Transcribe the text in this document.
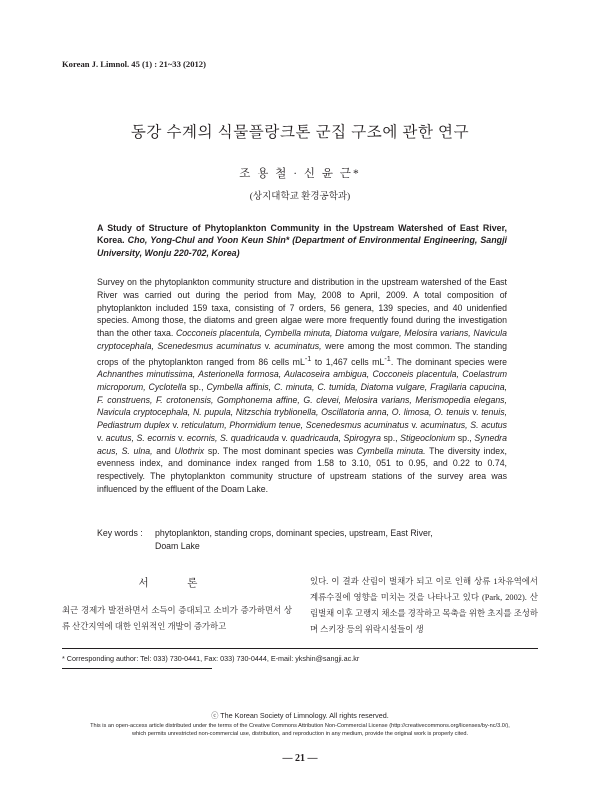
Korean J. Limnol. 45 (1) : 21~33 (2012)
동강 수계의 식물플랑크톤 군집 구조에 관한 연구
조 용 철 · 신 윤 근*
(상지대학교 환경공학과)
A Study of Structure of Phytoplankton Community in the Upstream Watershed of East River, Korea. Cho, Yong-Chul and Yoon Keun Shin* (Department of Environmental Engineering, Sangji University, Wonju 220-702, Korea)

Survey on the phytoplankton community structure and distribution in the upstream watershed of the East River was carried out during the period from May, 2008 to April, 2009. A total composition of phytoplankton included 159 taxa, consisting of 7 orders, 56 genera, 139 species, and 40 unidenfied species. Among those, the diatoms and green algae were more frequently found during the investigation than the other taxa. Cocconeis placentula, Cymbella minuta, Diatoma vulgare, Melosira varians, Navicula cryptocephala, Scenedesmus acuminatus v. acuminatus, were among the most common. The standing crops of the phytoplankton ranged from 86 cells $mL^{-1}$ to 1,467 cells $mL^{-1}$. The dominant species were Achnanthes minutissima, Asterionella formosa, Aulacoseira ambigua, Cocconeis placentula, Coelastrum microporum, Cyclotella sp., Cymbella affinis, C. minuta, C. tumida, Diatoma vulgare, Fragilaria capucina, F. construens, F. crotonensis, Gomphonema affine, G. clevei, Melosira varians, Merismopedia elegans, Navicula cryptocephala, N. pupula, Nitzschia tryblionella, Oscillatoria anna, O. limosa, O. tenuis v. tenuis, Pediastrum duplex v. reticulatum, Phormidium tenue, Scenedesmus acuminatus v. acuminatus, S. acutus v. acutus, S. ecornis v. ecornis, S. quadricauda v. quadricauda, Spirogyra sp., Stigeoclonium sp., Synedra acus, S. ulna, and Ulothrix sp. The most dominant species was Cymbella minuta. The diversity index, evenness index, and dominance index ranged from 1.58 to 3.10, 051 to 0.95, and 0.22 to 0.74, respectively. The phytoplankton community structure of upstream stations of the survey area was influenced by the effluent of the Doam Lake.

Key words : phytoplankton, standing crops, dominant species, upstream, East River,
Doam Lake
서 론
최근 경제가 발전하면서 소득이 증대되고 소비가 증가하면서 상류 산간지역에 대한 인위적인 개발이 증가하고
있다. 이 결과 산림이 벌채가 되고 이로 인해 상류 1차유역에서 계류수질에 영향을 미치는 것을 나타나고 있다 (Park, 2002). 산림벌채 이후 고랭지 채소를 경작하고 목축을 위한 초지를 조성하며 스키장 등의 위락시설들이 생
* Corresponding author: Tel: 033) 730-0441, Fax: 033) 730-0444, E-mail: ykshin@sangji.ac.kr
ⓒ The Korean Society of Limnology. All rights reserved.
This is an open-access article distributed under the terms of the Creative Commons Attribution Non-Commercial License (http://creativecommons.org/licenses/by-nc/3.0/),
which permits unrestricted non-commercial use, distribution, and reproduction in any medium, provide the original work is properly cited.
— 21 —
